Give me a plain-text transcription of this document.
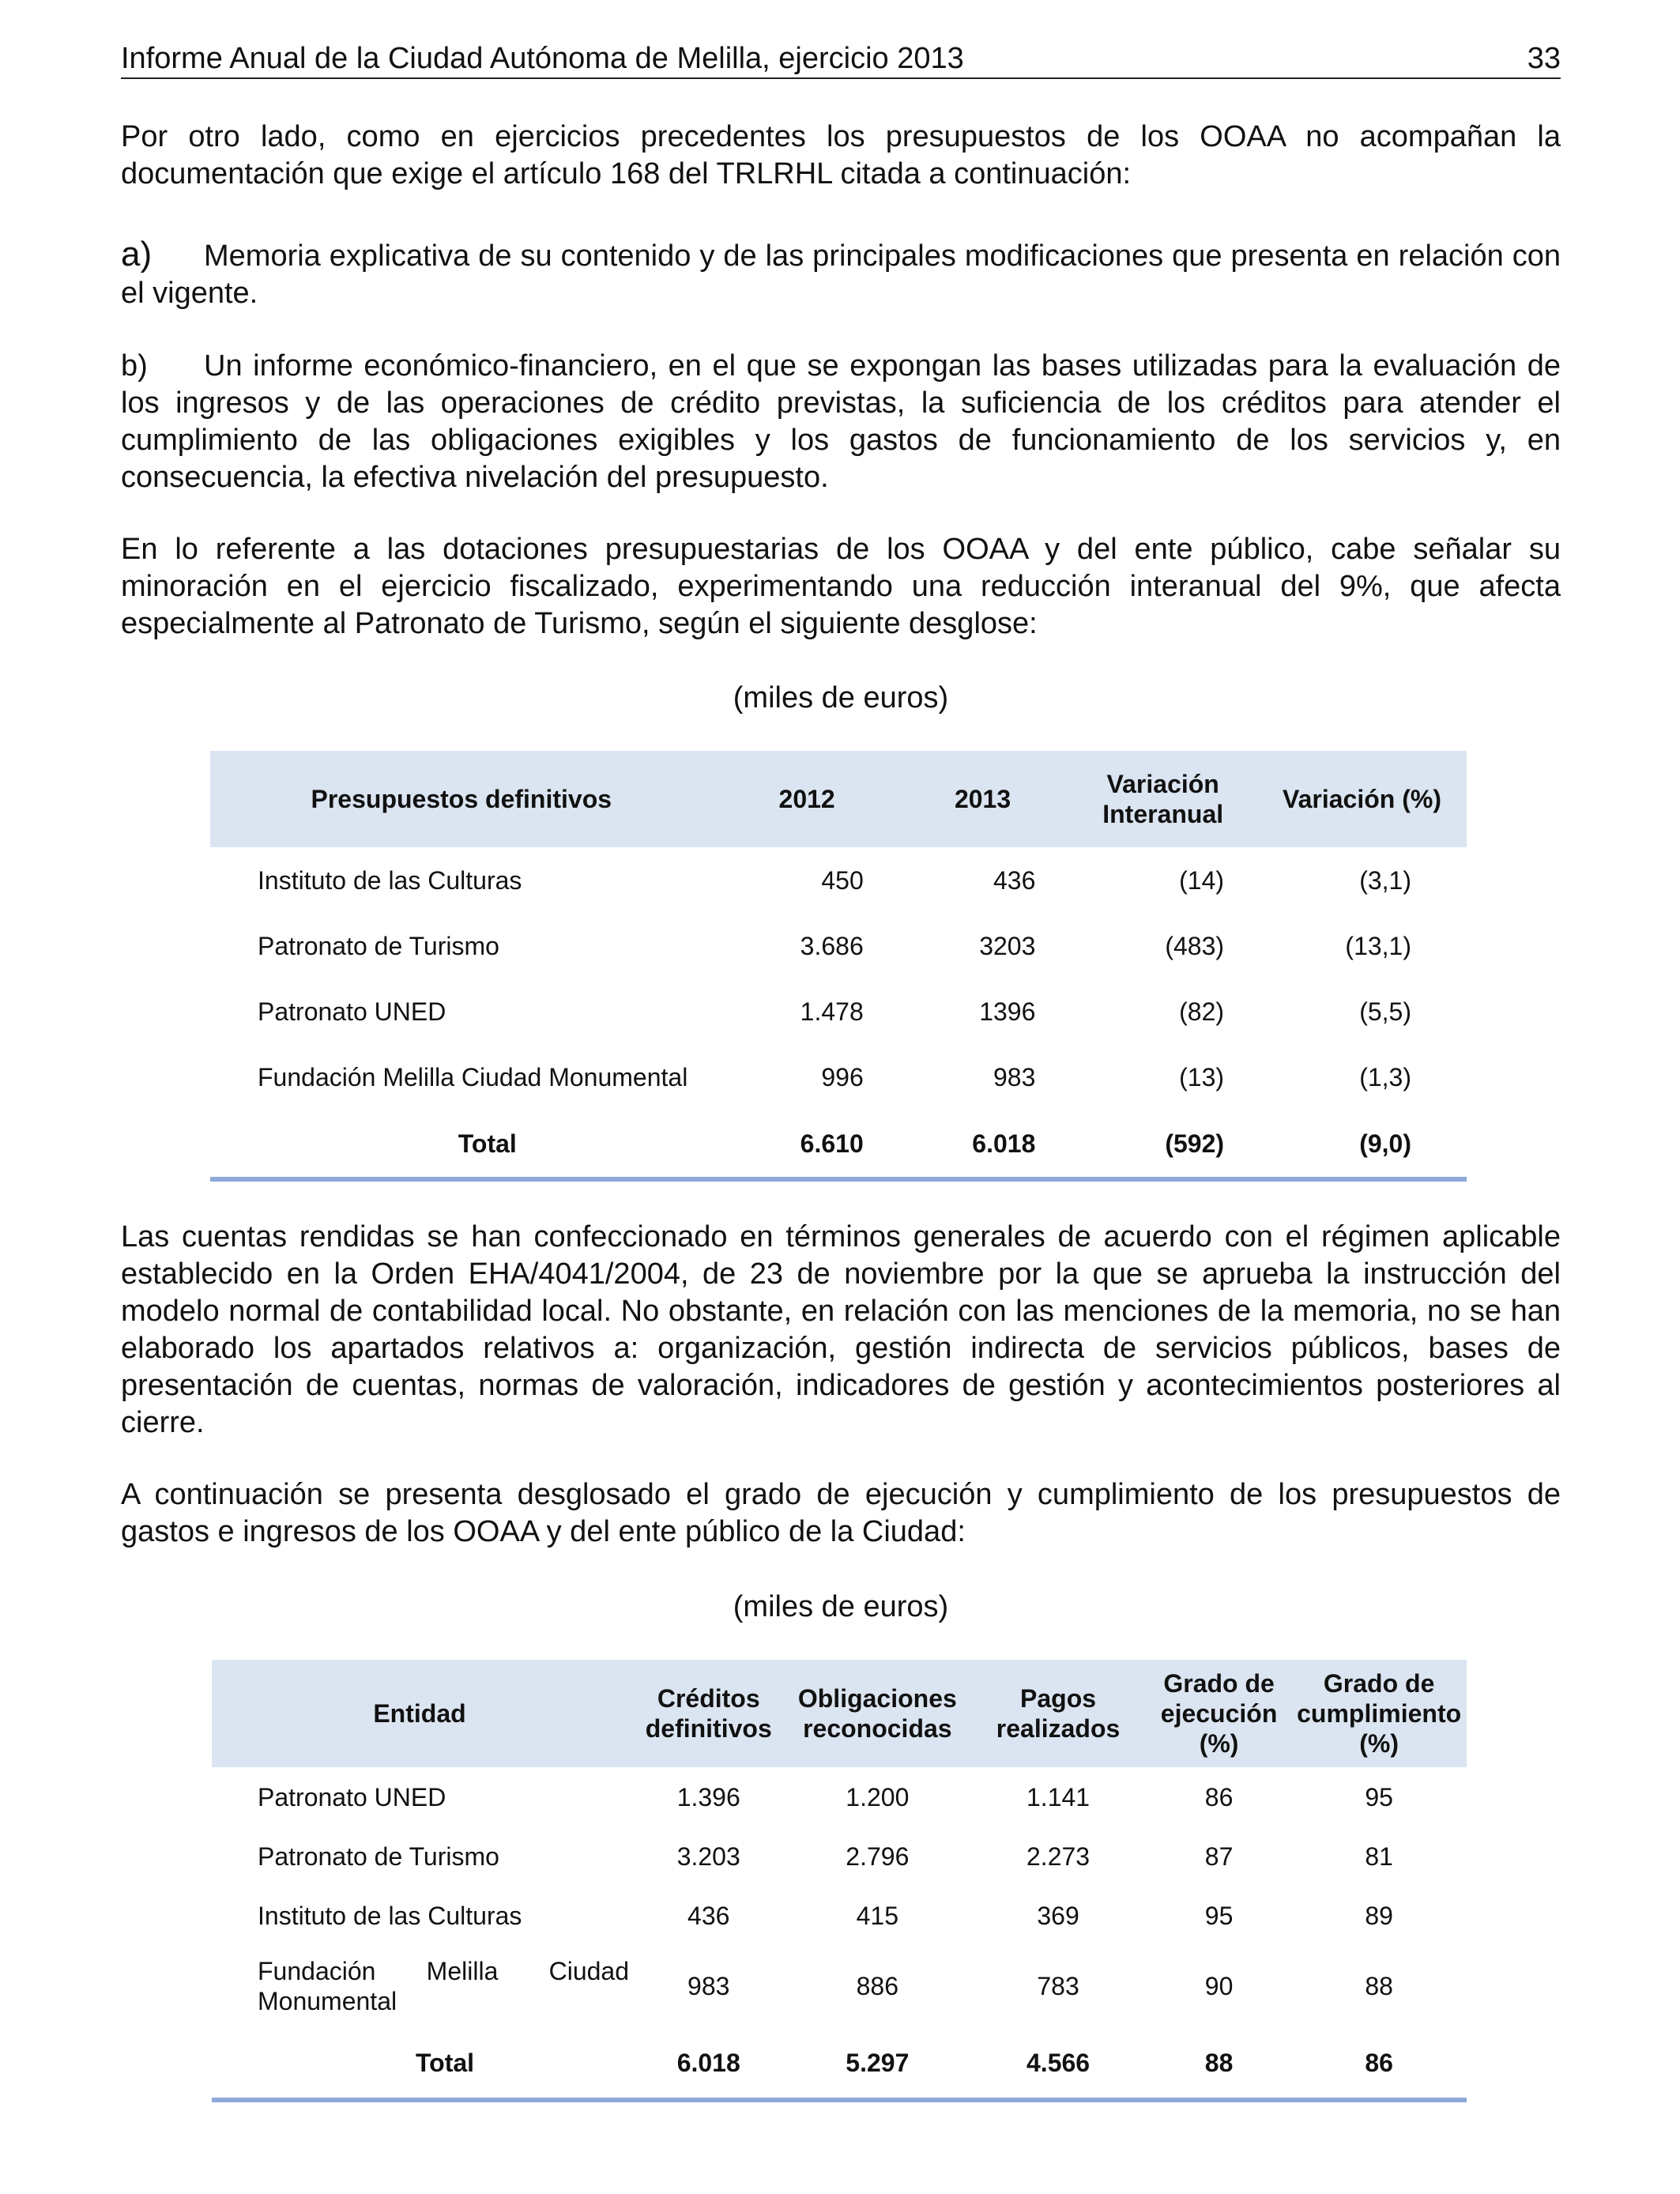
Informe Anual de la Ciudad Autónoma de Melilla, ejercicio 2013	33

Por otro lado, como en ejercicios precedentes los presupuestos de los OOAA no acompañan la documentación que exige el artículo 168 del TRLRHL citada a continuación:

a) Memoria explicativa de su contenido y de las principales modificaciones que presenta en relación con el vigente.

b) Un informe económico-financiero, en el que se expongan las bases utilizadas para la evaluación de los ingresos y de las operaciones de crédito previstas, la suficiencia de los créditos para atender el cumplimiento de las obligaciones exigibles y los gastos de funcionamiento de los servicios y, en consecuencia, la efectiva nivelación del presupuesto.

En lo referente a las dotaciones presupuestarias de los OOAA y del ente público, cabe señalar su minoración en el ejercicio fiscalizado, experimentando una reducción interanual del 9%, que afecta especialmente al Patronato de Turismo, según el siguiente desglose:

(miles de euros)
Presupuestos definitivos	2012	2013	Variación Interanual	Variación (%)
Instituto de las Culturas	450	436	(14)	(3,1)
Patronato de Turismo	3.686	3203	(483)	(13,1)
Patronato UNED	1.478	1396	(82)	(5,5)
Fundación Melilla Ciudad Monumental	996	983	(13)	(1,3)
Total	6.610	6.018	(592)	(9,0)

Las cuentas rendidas se han confeccionado en términos generales de acuerdo con el régimen aplicable establecido en la Orden EHA/4041/2004, de 23 de noviembre por la que se aprueba la instrucción del modelo normal de contabilidad local. No obstante, en relación con las menciones de la memoria, no se han elaborado los apartados relativos a: organización, gestión indirecta de servicios públicos, bases de presentación de cuentas, normas de valoración, indicadores de gestión y acontecimientos posteriores al cierre.

A continuación se presenta desglosado el grado de ejecución y cumplimiento de los presupuestos de gastos e ingresos de los OOAA y del ente público de la Ciudad:

(miles de euros)
Entidad	Créditos definitivos	Obligaciones reconocidas	Pagos realizados	Grado de ejecución (%)	Grado de cumplimiento (%)
Patronato UNED	1.396	1.200	1.141	86	95
Patronato de Turismo	3.203	2.796	2.273	87	81
Instituto de las Culturas	436	415	369	95	89

Fundación Melilla Ciudad Monumental	983	886	783	90	88
Total	6.018	5.297	4.566	88	86
